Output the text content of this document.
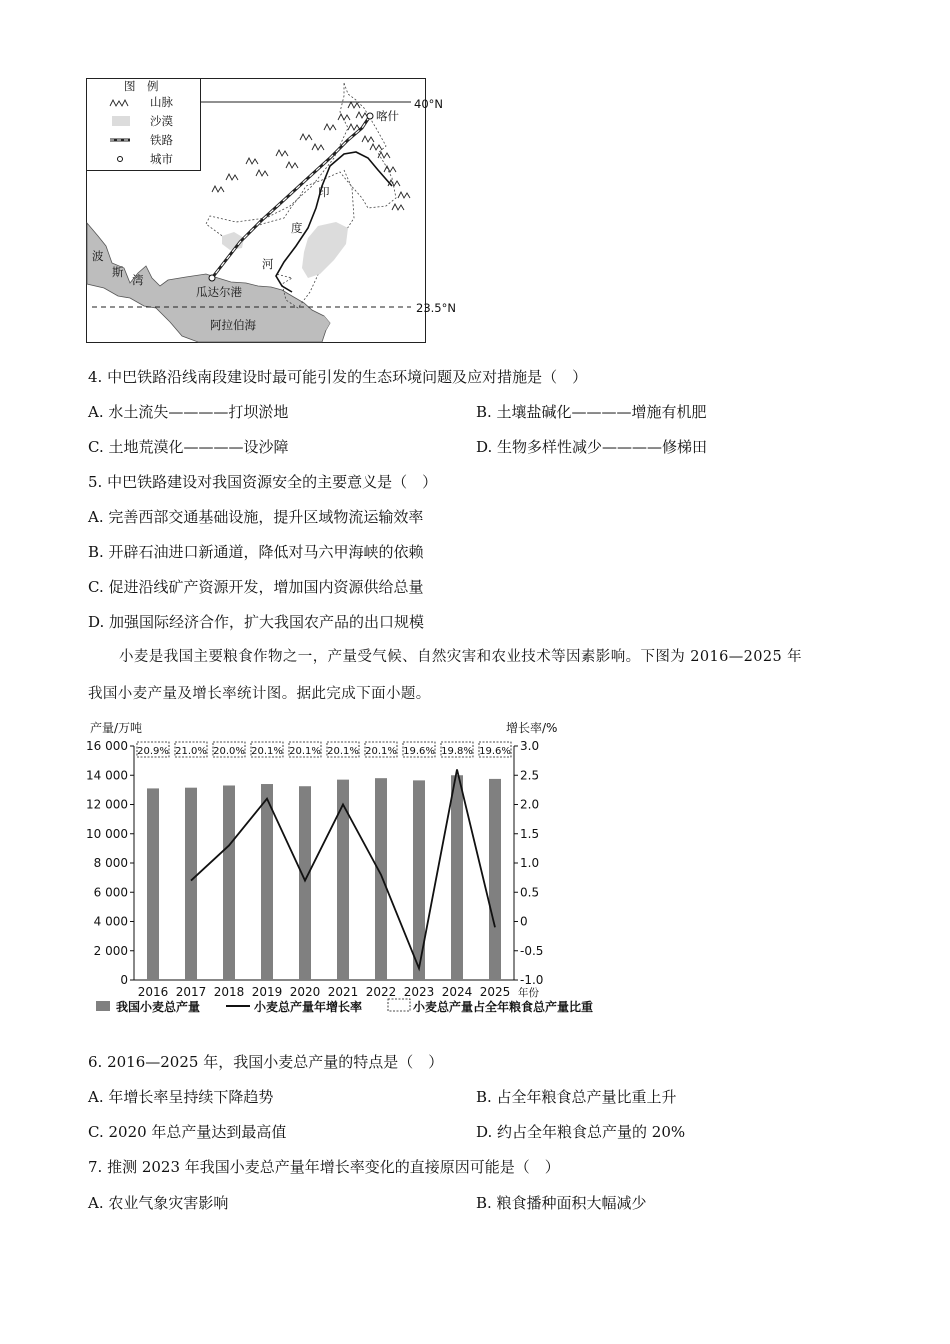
图　例
山脉
沙漠
铁路
城市
40°N
23.5°N
喀什
瓜达尔港
阿拉伯海
波
斯
湾
印
度
河
4. 中巴铁路沿线南段建设时最可能引发的生态环境问题及应对措施是（　）
A. 水土流失————打坝淤地	B. 土壤盐碱化————增施有机肥
C. 土地荒漠化————设沙障	D. 生物多样性减少————修梯田
5. 中巴铁路建设对我国资源安全的主要意义是（　）
A. 完善西部交通基础设施，提升区域物流运输效率
B. 开辟石油进口新通道，降低对马六甲海峡的依赖
C. 促进沿线矿产资源开发，增加国内资源供给总量
D. 加强国际经济合作，扩大我国农产品的出口规模
小麦是我国主要粮食作物之一，产量受气候、自然灾害和农业技术等因素影响。下图为 2016—2025 年
我国小麦产量及增长率统计图。据此完成下面小题。
产量/万吨	增长率/%
0
2 000
4 000
6 000
8 000
10 000
12 000
14 000
16 000
-1.0
-0.5
0
0.5
1.0
1.5
2.0
2.5
3.0
20.9% 21.0% 20.0% 20.1% 20.1% 20.1% 20.1% 19.6% 19.8% 19.6%
2016 2017 2018 2019 2020 2021 2022 2023 2024 2025 年份
我国小麦总产量	小麦总产量年增长率	小麦总产量占全年粮食总产量比重
6. 2016—2025 年，我国小麦总产量的特点是（　）
A. 年增长率呈持续下降趋势	B. 占全年粮食总产量比重上升
C. 2020 年总产量达到最高值	D. 约占全年粮食总产量的 20%
7. 推测 2023 年我国小麦总产量年增长率变化的直接原因可能是（　）
A. 农业气象灾害影响	B. 粮食播种面积大幅减少
